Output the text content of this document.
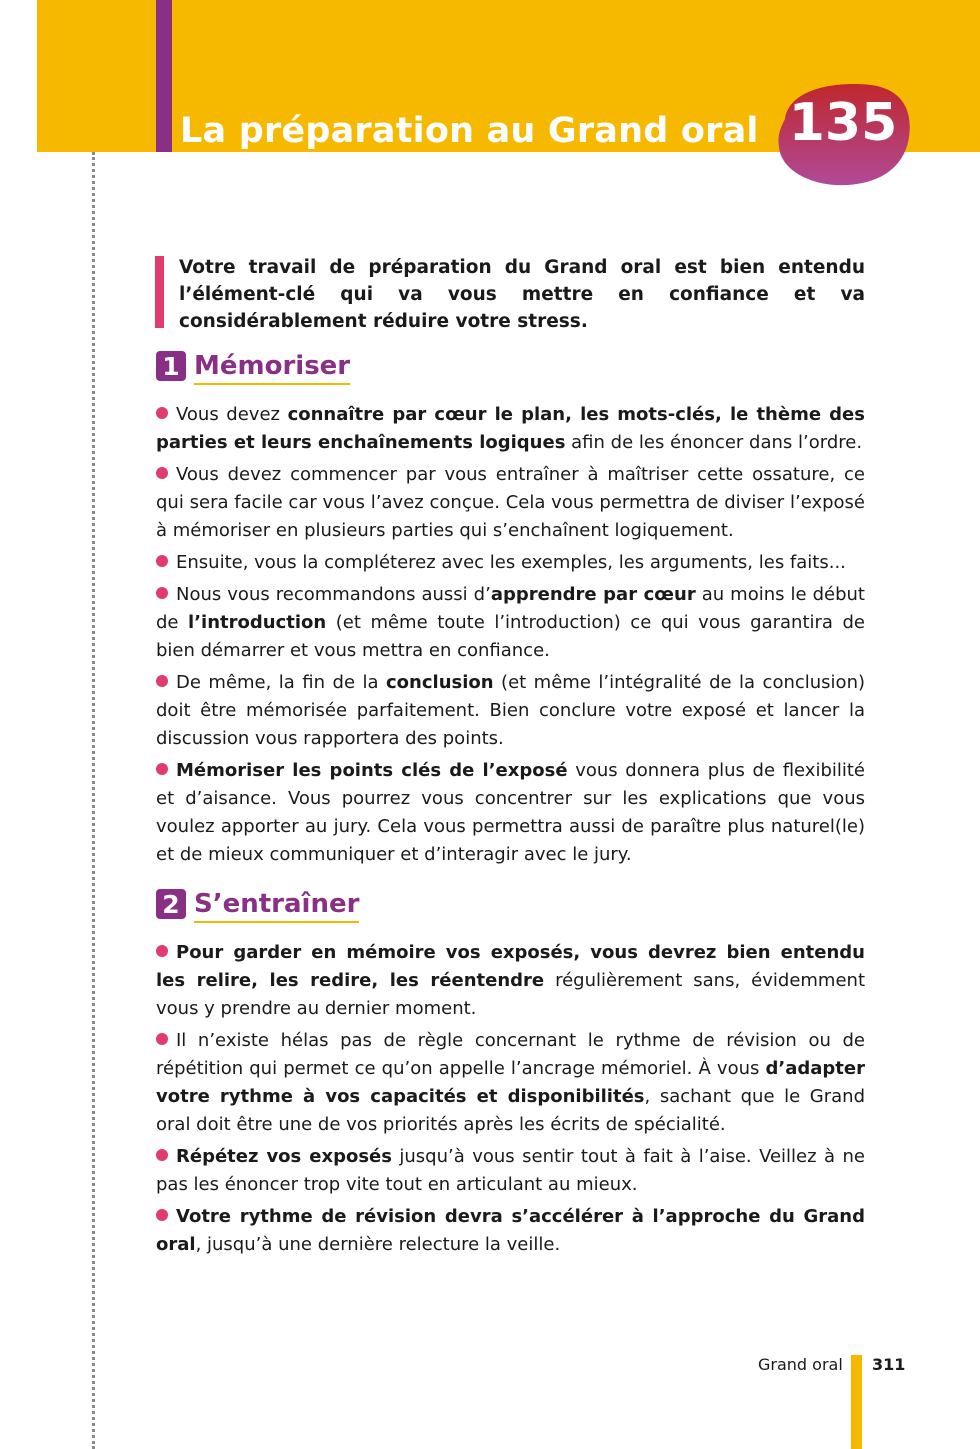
La préparation au Grand oral 135

Votre travail de préparation du Grand oral est bien entendu l’élément-clé qui va vous mettre en confiance et va considérablement réduire votre stress.

1 Mémoriser

Vous devez connaître par cœur le plan, les mots-clés, le thème des parties et leurs enchaînements logiques afin de les énoncer dans l’ordre.

Vous devez commencer par vous entraîner à maîtriser cette ossature, ce qui sera facile car vous l’avez conçue. Cela vous permettra de diviser l’exposé à mémoriser en plusieurs parties qui s’enchaînent logiquement.

Ensuite, vous la compléterez avec les exemples, les arguments, les faits...

Nous vous recommandons aussi d’apprendre par cœur au moins le début de l’introduction (et même toute l’introduction) ce qui vous garantira de bien démarrer et vous mettra en confiance.

De même, la fin de la conclusion (et même l’intégralité de la conclusion) doit être mémorisée parfaitement. Bien conclure votre exposé et lancer la discussion vous rapportera des points.

Mémoriser les points clés de l’exposé vous donnera plus de flexibilité et d’aisance. Vous pourrez vous concentrer sur les explications que vous voulez apporter au jury. Cela vous permettra aussi de paraître plus naturel(le) et de mieux communiquer et d’interagir avec le jury.

2 S’entraîner

Pour garder en mémoire vos exposés, vous devrez bien entendu les relire, les redire, les réentendre régulièrement sans, évidemment vous y prendre au dernier moment.

Il n’existe hélas pas de règle concernant le rythme de révision ou de répétition qui permet ce qu’on appelle l’ancrage mémoriel. À vous d’adapter votre rythme à vos capacités et disponibilités, sachant que le Grand oral doit être une de vos priorités après les écrits de spécialité.

Répétez vos exposés jusqu’à vous sentir tout à fait à l’aise. Veillez à ne pas les énoncer trop vite tout en articulant au mieux.

Votre rythme de révision devra s’accélérer à l’approche du Grand oral, jusqu’à une dernière relecture la veille.

Grand oral 311
